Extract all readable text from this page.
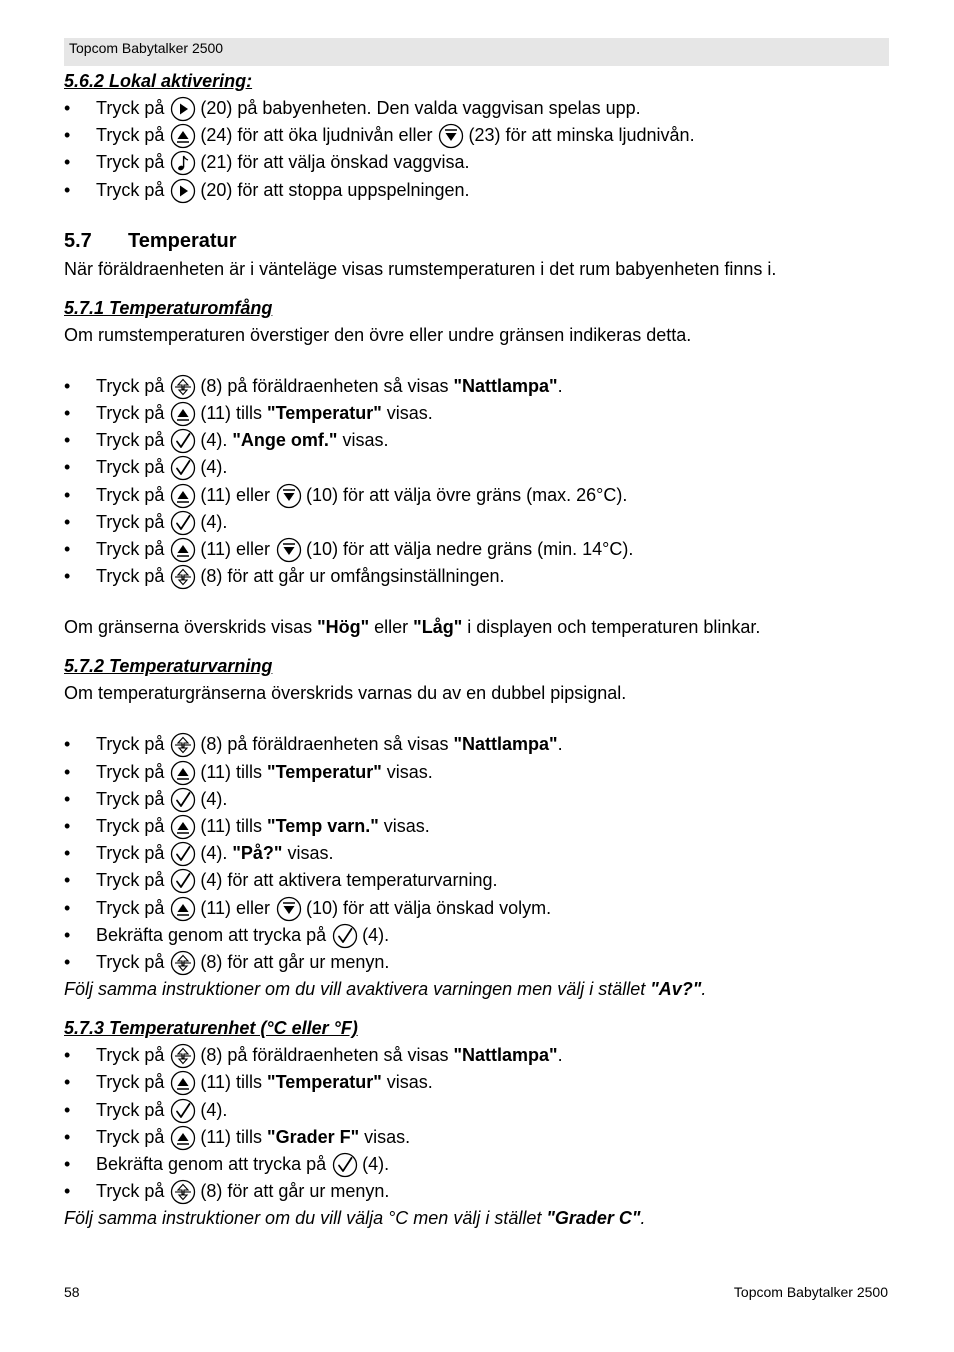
Topcom Babytalker 2500

5.6.2 Lokal aktivering:

• Tryck på (20) på babyenheten. Den valda vaggvisan spelas upp.
• Tryck på (24) för att öka ljudnivån eller (23) för att minska ljudnivån.
• Tryck på (21) för att välja önskad vaggvisa.
• Tryck på (20) för att stoppa uppspelningen.

5.7 Temperatur

När föräldraenheten är i vänteläge visas rumstemperaturen i det rum babyenheten finns i.

5.7.1 Temperaturomfång

Om rumstemperaturen överstiger den övre eller undre gränsen indikeras detta.

• Tryck på (8) på föräldraenheten så visas "Nattlampa".
• Tryck på (11) tills "Temperatur" visas.
• Tryck på (4). "Ange omf." visas.
• Tryck på (4).
• Tryck på (11) eller (10) för att välja övre gräns (max. 26°C).
• Tryck på (4).
• Tryck på (11) eller (10) för att välja nedre gräns (min. 14°C).
• Tryck på (8) för att går ur omfångsinställningen.

Om gränserna överskrids visas "Hög" eller "Låg" i displayen och temperaturen blinkar.

5.7.2 Temperaturvarning

Om temperaturgränserna överskrids varnas du av en dubbel pipsignal.

• Tryck på (8) på föräldraenheten så visas "Nattlampa".
• Tryck på (11) tills "Temperatur" visas.
• Tryck på (4).
• Tryck på (11) tills "Temp varn." visas.
• Tryck på (4). "På?" visas.
• Tryck på (4) för att aktivera temperaturvarning.
• Tryck på (11) eller (10) för att välja önskad volym.
• Bekräfta genom att trycka på (4).
• Tryck på (8) för att går ur menyn.

Följ samma instruktioner om du vill avaktivera varningen men välj i stället "Av?".

5.7.3 Temperaturenhet (°C eller °F)

• Tryck på (8) på föräldraenheten så visas "Nattlampa".
• Tryck på (11) tills "Temperatur" visas.
• Tryck på (4).
• Tryck på (11) tills "Grader F" visas.
• Bekräfta genom att trycka på (4).
• Tryck på (8) för att går ur menyn.

Följ samma instruktioner om du vill välja °C men välj i stället "Grader C".

58	Topcom Babytalker 2500
